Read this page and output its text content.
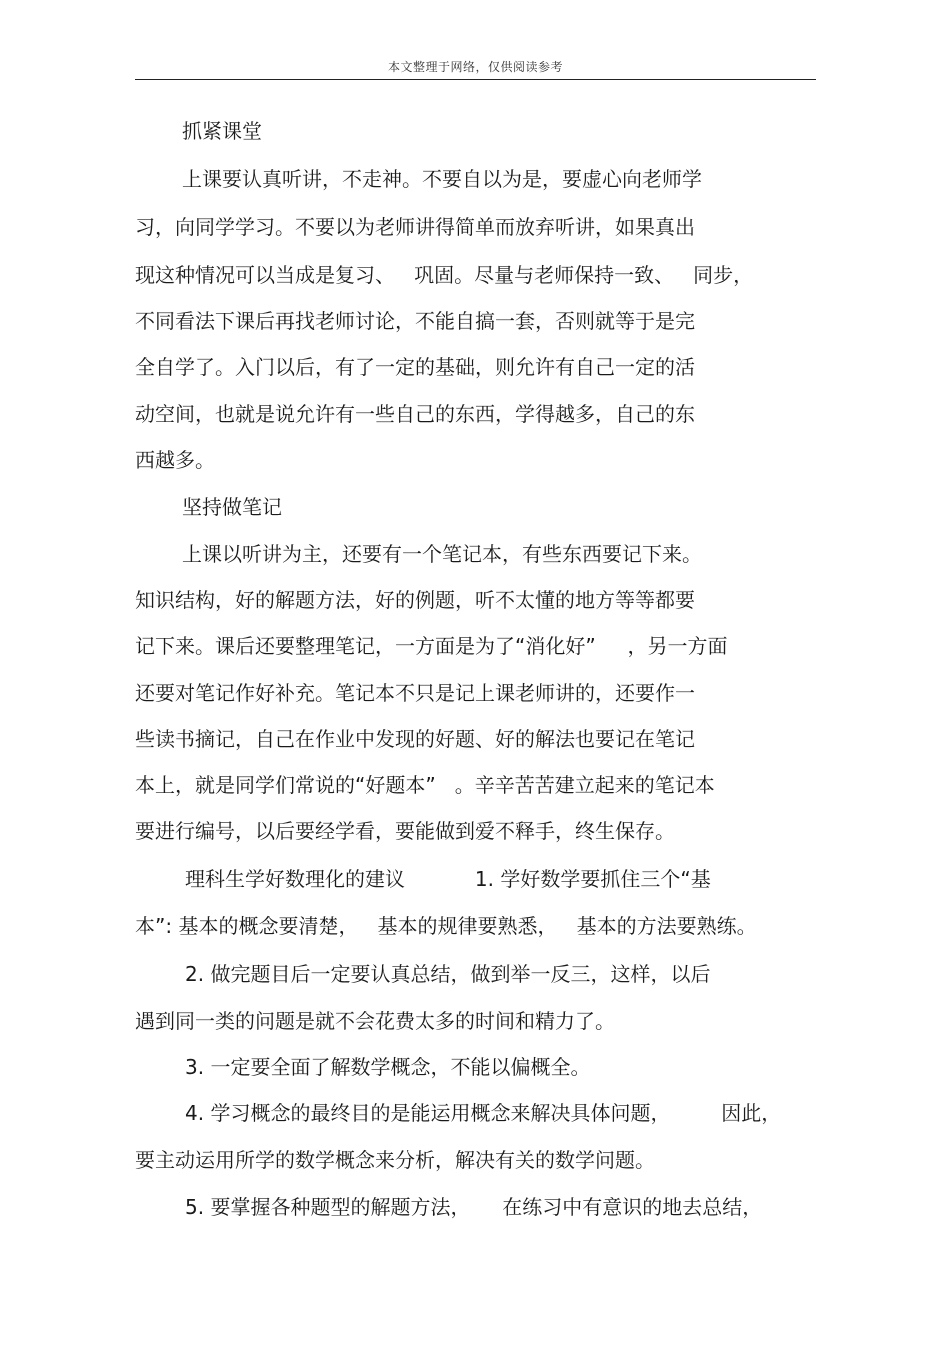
本文整理于网络，仅供阅读参考
抓紧课堂
上课要认真听讲，不走神。不要自以为是，要虚心向老师学
习，向同学学习。不要以为老师讲得简单而放弃听讲，如果真出
现这种情况可以当成是复习、   巩固。尽量与老师保持一致、   同步，
不同看法下课后再找老师讨论，不能自搞一套，否则就等于是完
全自学了。入门以后，有了一定的基础，则允许有自己一定的活
动空间，也就是说允许有一些自己的东西，学得越多，自己的东
西越多。
坚持做笔记
上课以听讲为主，还要有一个笔记本，有些东西要记下来。
知识结构，好的解题方法，好的例题，听不太懂的地方等等都要
记下来。课后还要整理笔记，一方面是为了“消化好”     ，另一方面
还要对笔记作好补充。笔记本不只是记上课老师讲的，还要作一
些读书摘记，自己在作业中发现的好题、好的解法也要记在笔记
本上，就是同学们常说的“好题本”   。辛辛苦苦建立起来的笔记本
要进行编号，以后要经学看，要能做到爱不释手，终生保存。
理科生学好数理化的建议           1. 学好数学要抓住三个“基
本”: 基本的概念要清楚，   基本的规律要熟悉，   基本的方法要熟练。
2. 做完题目后一定要认真总结，做到举一反三，这样，以后
遇到同一类的问题是就不会花费太多的时间和精力了。
3. 一定要全面了解数学概念，不能以偏概全。
4. 学习概念的最终目的是能运用概念来解决具体问题，        因此，
要主动运用所学的数学概念来分析，解决有关的数学问题。
5. 要掌握各种题型的解题方法，     在练习中有意识的地去总结，
